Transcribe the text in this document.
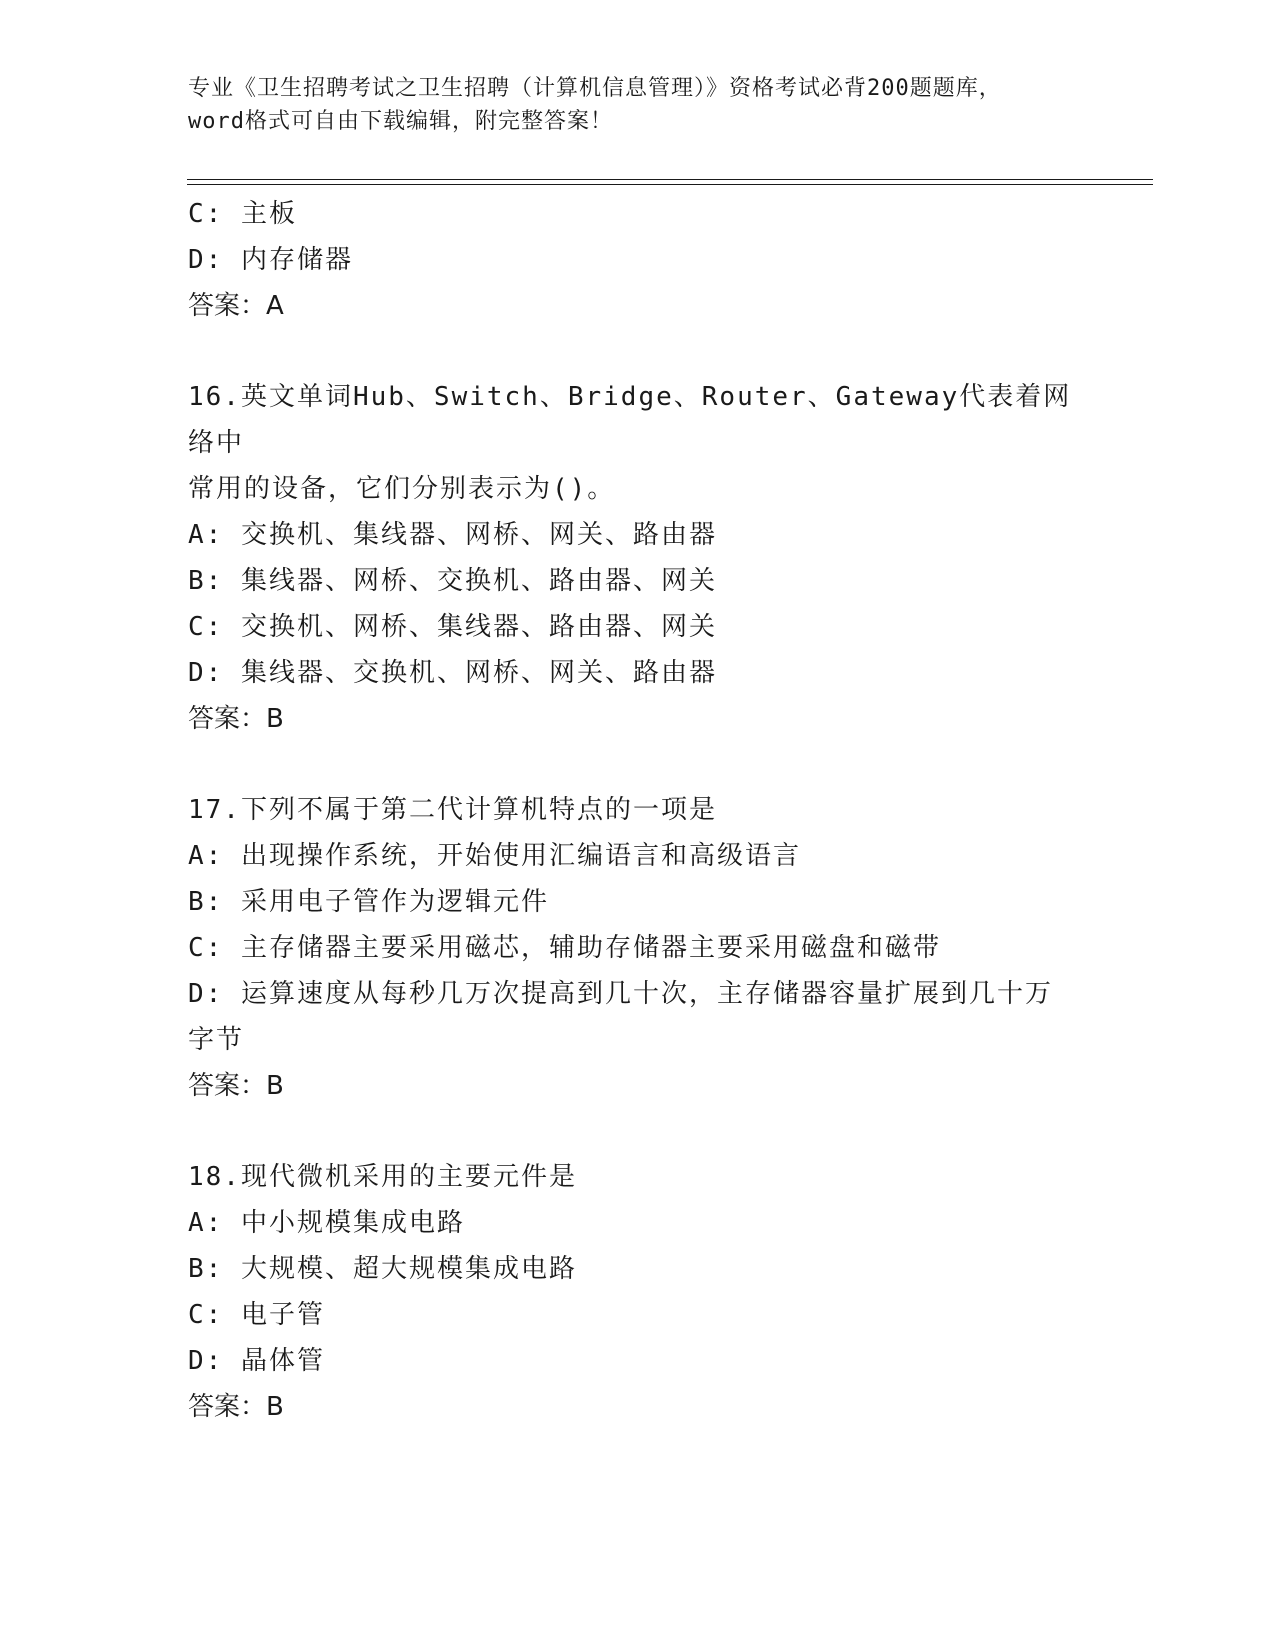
专业《卫生招聘考试之卫生招聘（计算机信息管理）》资格考试必背200题题库，
word格式可自由下载编辑，附完整答案！
C: 主板
D: 内存储器
答案：A
16.英文单词Hub、Switch、Bridge、Router、Gateway代表着网络中
常用的设备，它们分别表示为()。
A: 交换机、集线器、网桥、网关、路由器
B: 集线器、网桥、交换机、路由器、网关
C: 交换机、网桥、集线器、路由器、网关
D: 集线器、交换机、网桥、网关、路由器
答案：B
17.下列不属于第二代计算机特点的一项是
A: 出现操作系统，开始使用汇编语言和高级语言
B: 采用电子管作为逻辑元件
C: 主存储器主要采用磁芯，辅助存储器主要采用磁盘和磁带
D: 运算速度从每秒几万次提高到几十次，主存储器容量扩展到几十万
字节
答案：B
18.现代微机采用的主要元件是
A: 中小规模集成电路
B: 大规模、超大规模集成电路
C: 电子管
D: 晶体管
答案：B
